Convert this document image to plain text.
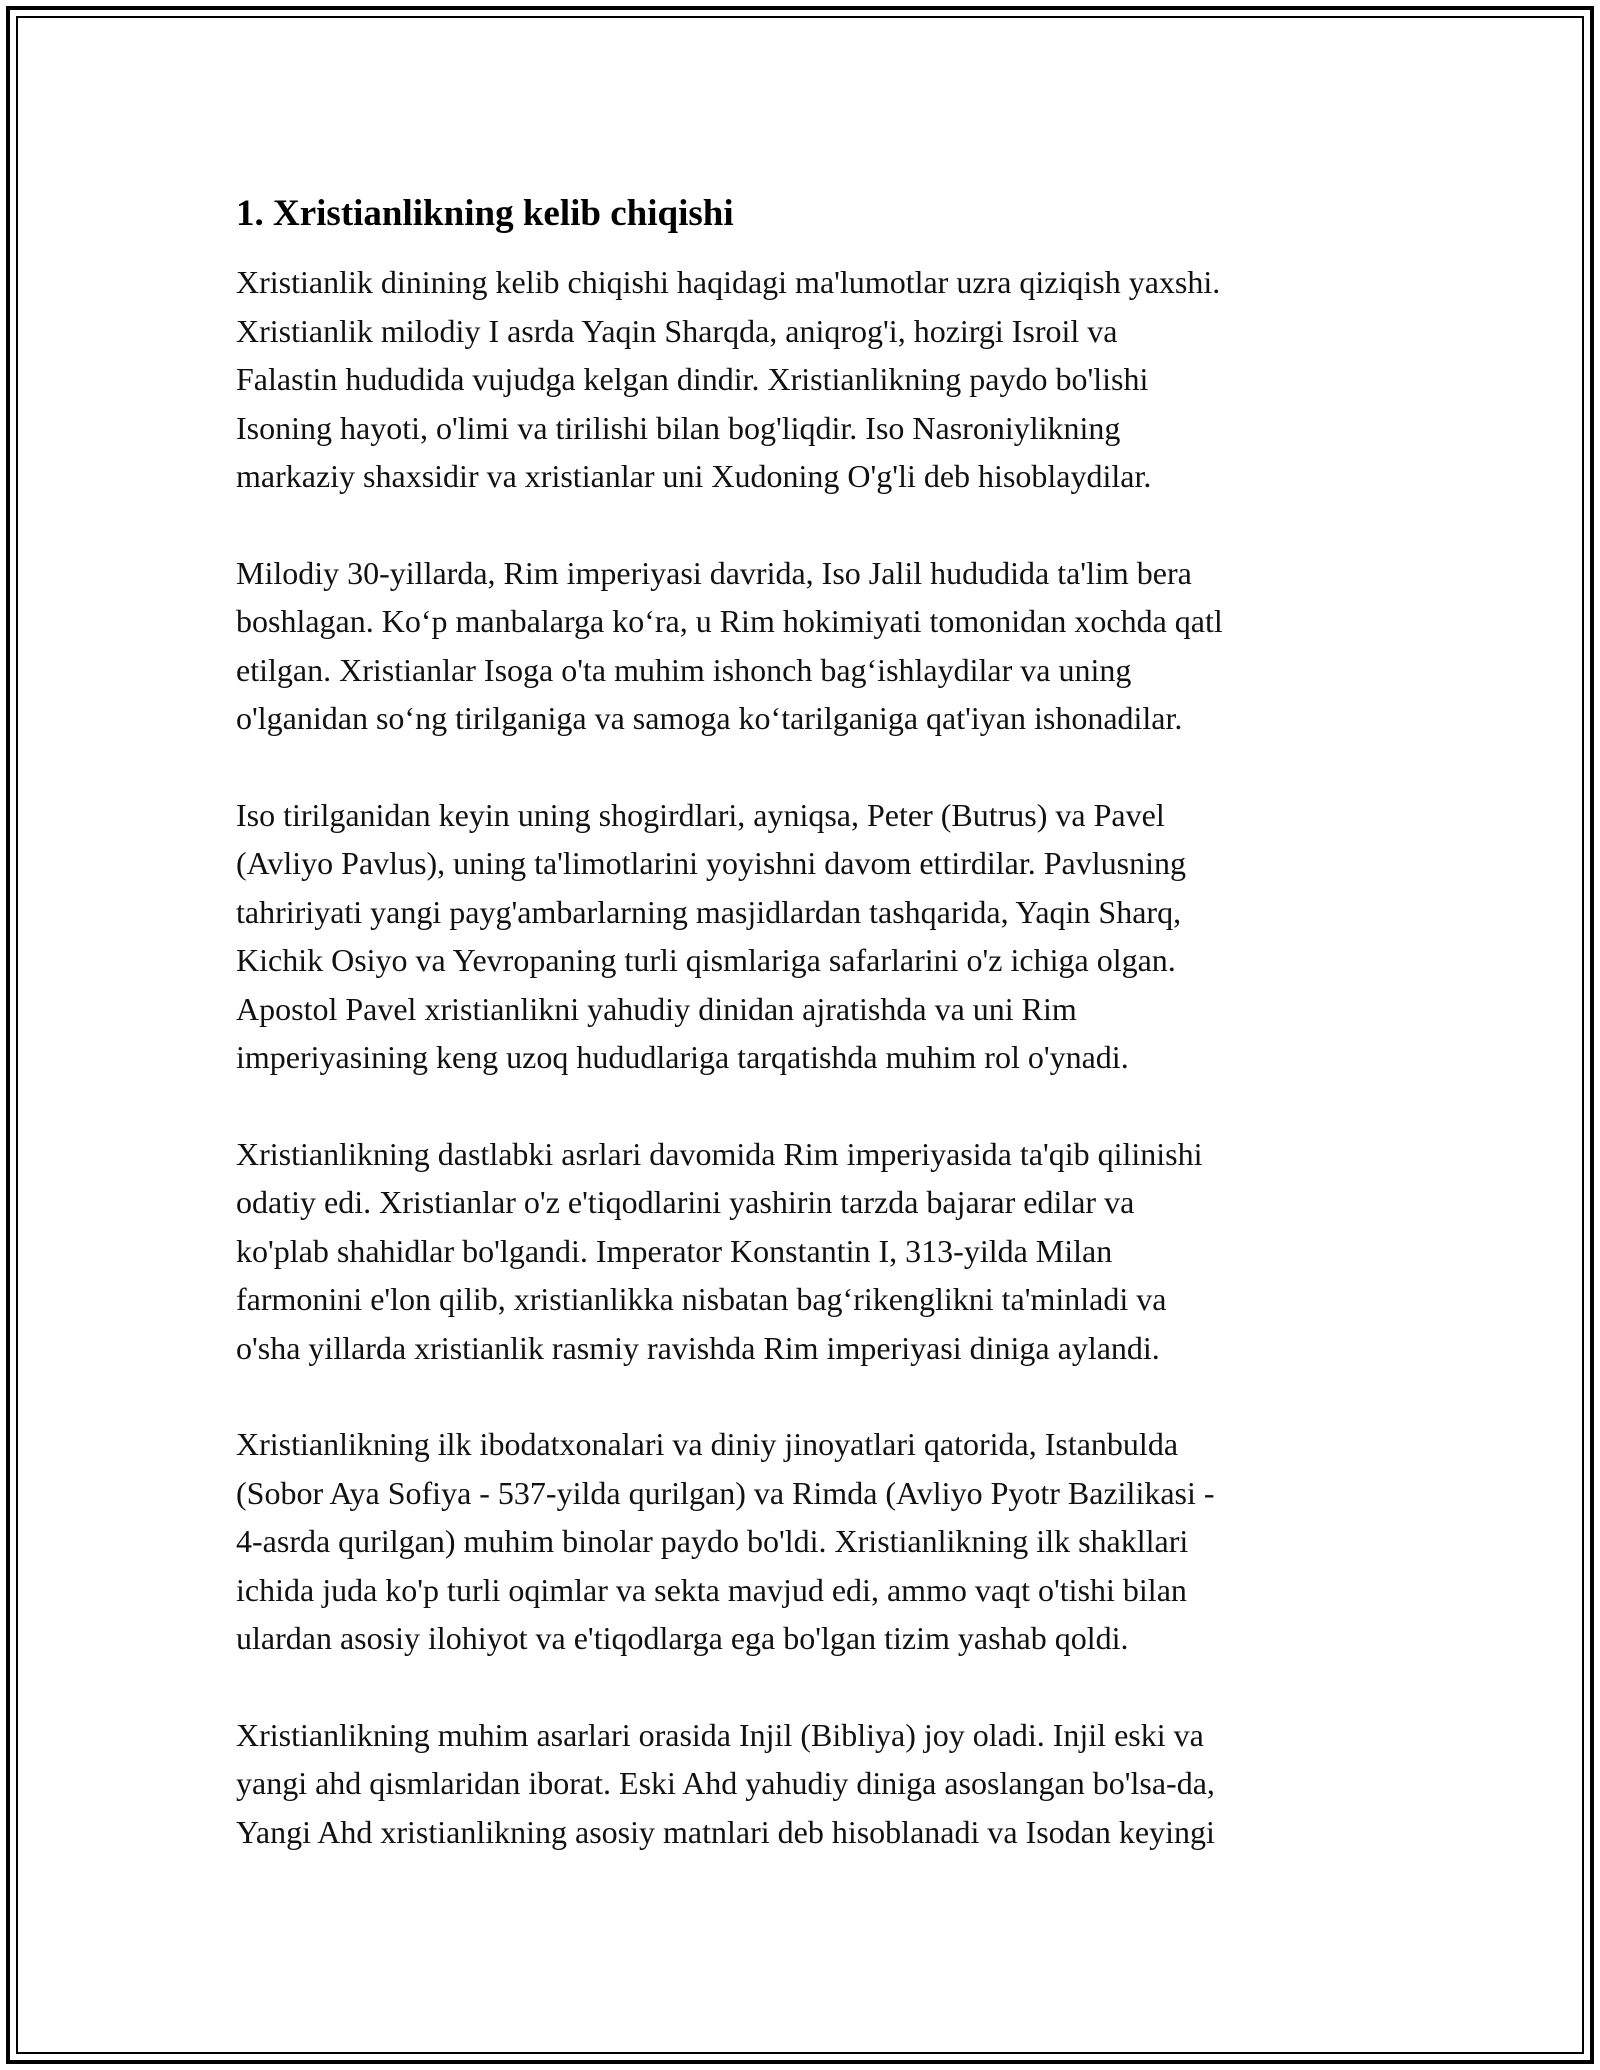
1. Xristianlikning kelib chiqishi
Xristianlik dinining kelib chiqishi haqidagi ma'lumotlar uzra qiziqish yaxshi.
Xristianlik milodiy I asrda Yaqin Sharqda, aniqrog'i, hozirgi Isroil va
Falastin hududida vujudga kelgan dindir. Xristianlikning paydo bo'lishi
Isoning hayoti, o'limi va tirilishi bilan bog'liqdir. Iso Nasroniylikning
markaziy shaxsidir va xristianlar uni Xudoning O'g'li deb hisoblaydilar.
Milodiy 30-yillarda, Rim imperiyasi davrida, Iso Jalil hududida ta'lim bera
boshlagan. Ko‘p manbalarga ko‘ra, u Rim hokimiyati tomonidan xochda qatl
etilgan. Xristianlar Isoga o'ta muhim ishonch bag‘ishlaydilar va uning
o'lganidan so‘ng tirilganiga va samoga ko‘tarilganiga qat'iyan ishonadilar.
Iso tirilganidan keyin uning shogirdlari, ayniqsa, Peter (Butrus) va Pavel
(Avliyo Pavlus), uning ta'limotlarini yoyishni davom ettirdilar. Pavlusning
tahririyati yangi payg'ambarlarning masjidlardan tashqarida, Yaqin Sharq,
Kichik Osiyo va Yevropaning turli qismlariga safarlarini o'z ichiga olgan.
Apostol Pavel xristianlikni yahudiy dinidan ajratishda va uni Rim
imperiyasining keng uzoq hududlariga tarqatishda muhim rol o'ynadi.
Xristianlikning dastlabki asrlari davomida Rim imperiyasida ta'qib qilinishi
odatiy edi. Xristianlar o'z e'tiqodlarini yashirin tarzda bajarar edilar va
ko'plab shahidlar bo'lgandi. Imperator Konstantin I, 313-yilda Milan
farmonini e'lon qilib, xristianlikka nisbatan bag‘rikenglikni ta'minladi va
o'sha yillarda xristianlik rasmiy ravishda Rim imperiyasi diniga aylandi.
Xristianlikning ilk ibodatxonalari va diniy jinoyatlari qatorida, Istanbulda
(Sobor Aya Sofiya - 537-yilda qurilgan) va Rimda (Avliyo Pyotr Bazilikasi -
4-asrda qurilgan) muhim binolar paydo bo'ldi. Xristianlikning ilk shakllari
ichida juda ko'p turli oqimlar va sekta mavjud edi, ammo vaqt o'tishi bilan
ulardan asosiy ilohiyot va e'tiqodlarga ega bo'lgan tizim yashab qoldi.
Xristianlikning muhim asarlari orasida Injil (Bibliya) joy oladi. Injil eski va
yangi ahd qismlaridan iborat. Eski Ahd yahudiy diniga asoslangan bo'lsa-da,
Yangi Ahd xristianlikning asosiy matnlari deb hisoblanadi va Isodan keyingi
